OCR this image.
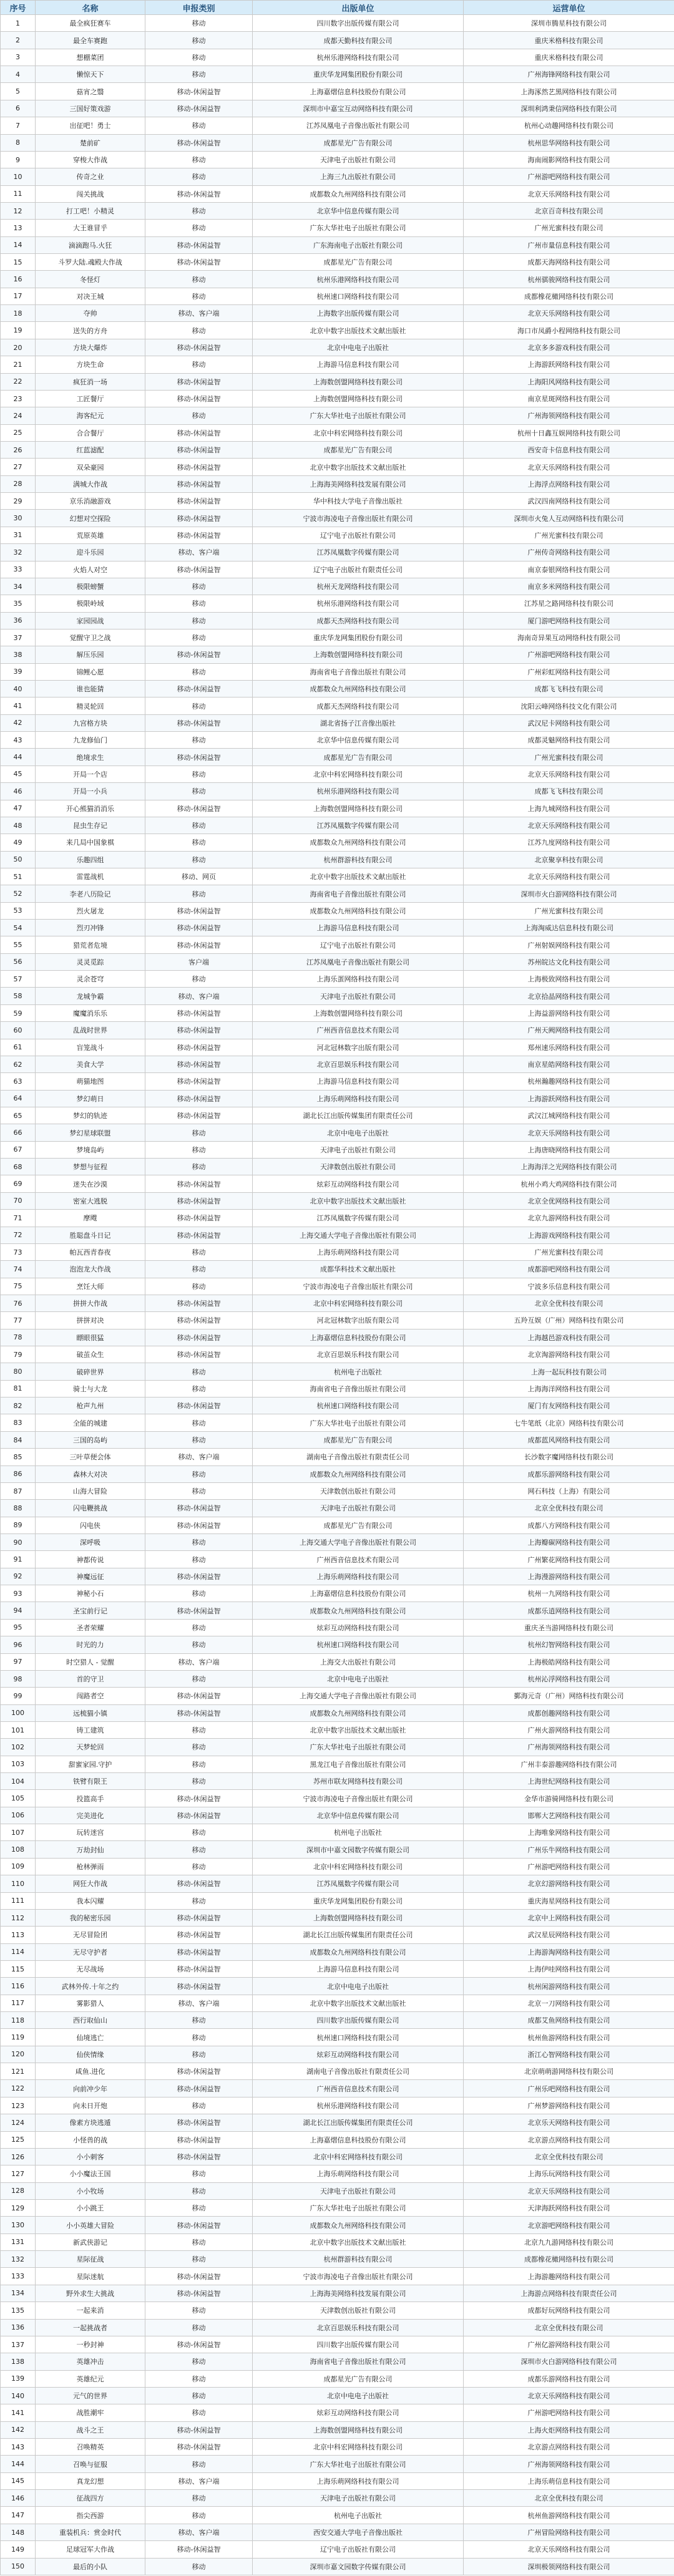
序号	名称	申报类别	出版单位	运营单位
1	最全疯狂赛车	移动	四川数字出版传媒有限公司	深圳市腾星科技有限公司
2	最全车赛跑	移动	成都天勤科技有限公司	重庆米格科技有限公司
3	想棚菜团	移动	杭州乐港网络科技有限公司	重庆米格科技有限公司
4	懒惊天下	移动	重庆华龙网集团股份有限公司	广州海锋网络科技有限公司
5	菇宵之翳	移动-休闲益智	上海嘉熠信息科技股份有限公司	上海涿然艺黑网络科技有限公司
6	三国好策戏游	移动-休闲益智	深圳市中嘉宝互动网络科技有限公司	深圳利鸿秉信网络科技有限公司
7	出征吧！勇士	移动	江苏凤凰电子音像出版社有限公司	杭州心动趣网络科技有限公司
8	楚前矿	移动-休闲益智	成都星光广告有限公司	杭州思华网络科技有限公司
9	穿梭大作战	移动	天津电子出版社有限公司	海南闹影网络科技有限公司
10	传奇之业	移动	上海三九出版社有限公司	广州游吧网络科技有限公司
11	闯关挑战	移动-休闲益智	成都数众九州网络科技有限公司	北京天乐网络科技有限公司
12	打工吧！小精灵	移动	北京华中信息传媒有限公司	北京百奇科技有限公司
13	大王谁冒乎	移动	广东大华社电子出版社有限公司	广州光蜜科技有限公司
14	滴滴跑马.火狂	移动-休闲益智	广东海南电子出版社有限公司	广州市量信息科技有限公司
15	斗罗大陆.魂殿大作战	移动-休闲益智	成都星光广告有限公司	成都天海网络科技有限公司
16	冬怪灯	移动	杭州乐港网络科技有限公司	杭州骐骏网络科技有限公司
17	对决王城	移动	杭州速口网络科技有限公司	成都橡花橄网络科技有限公司
18	夺帅	移动、客户端	上海数字出版传媒有限公司	北京天乐网络科技有限公司
19	送失的方舟	移动	北京中数字出版技术文献出版社	海口市凤爵小程网络科技有限公司
20	方块大爆炸	移动-休闲益智	北京中电电子出版社	北京多多游戏科技有限公司
21	方块生命	移动	上海游马信息科技有限公司	上海游跃网络科技有限公司
22	疯狂消一场	移动-休闲益智	上海数创盟网络科技有限公司	上海阳风网络科技有限公司
23	工匠餐厅	移动-休闲益智	上海数创盟网络科技有限公司	南京星斑网络科技有限公司
24	海客纪元	移动	广东大华社电子出版社有限公司	广州海领网络科技有限公司
25	合合餐厅	移动-休闲益智	北京中科宏网络科技有限公司	杭州十日鑫互娱网络科技有限公司
26	红蓝滤配	移动-休闲益智	成都星光广告有限公司	西安奇卡信息科技有限公司
27	双朵豪园	移动-休闲益智	北京中数字出版技术文献出版社	北京天乐网络科技有限公司
28	满城大作战	移动-休闲益智	上海海美网络科技发展有限公司	上海浮点网络科技有限公司
29	京乐消融游戏	移动-休闲益智	华中科技大学电子音像出版社	武汉四南网络科技有限公司
30	幻想对空探险	移动-休闲益智	宁波市海凌电子音像出版社有限公司	深圳市火兔人互动网络科技有限公司
31	荒原英雄	移动-休闲益智	辽宁电子出版社有限公司	广州光蜜科技有限公司
32	迎斗乐园	移动、客户端	江苏凤凰数字传媒有限公司	广州传奇网络科技有限公司
33	火焰人对空	移动-休闲益智	辽宁电子出版社有限责任公司	南京泰银网络科技有限公司
34	极限螃蟹	移动	杭州天龙网络科技有限公司	南京多米网络科技有限公司
35	极限岭域	移动	杭州乐港网络科技有限公司	江苏星之路网络科技有限公司
36	家园园战	移动	成都天杰网络科技有限公司	厦门游吧网络科技有限公司
37	觉醒守卫之战	移动	重庆华龙网集团股份有限公司	海南奇异果互动网络科技有限公司
38	解压乐园	移动-休闲益智	上海数创盟网络科技有限公司	广州游吧网络科技有限公司
39	锦鲤心愿	移动	海南省电子音像出版社有限公司	广州彩虹网络科技有限公司
40	谁也能猜	移动-休闲益智	成都数众九州网络科技有限公司	成都飞飞科技有限公司
41	精灵轮回	移动	成都天杰网络科技有限公司	沈阳云峰网络科技文化有限公司
42	九宫格方块	移动-休闲益智	湖北省扬子江音像出版社	武汉尼卡网络科技有限公司
43	九龙修仙门	移动	北京华中信息传媒有限公司	成都灵魅网络科技有限公司
44	绝境求生	移动-休闲益智	成都星光广告有限公司	广州光蜜科技有限公司
45	开局一个店	移动	北京中科宏网络科技有限公司	北京天乐网络科技有限公司
46	开局一小兵	移动	杭州乐港网络科技有限公司	成都飞飞科技有限公司
47	开心熊猫消消乐	移动-休闲益智	上海数创盟网络科技有限公司	上海九城网络科技有限公司
48	昆虫生存记	移动	江苏凤凰数字传媒有限公司	北京天乐网络科技有限公司
49	来几局中国象棋	移动	成都数众九州网络科技有限公司	江苏九度网络科技有限公司
50	乐趣四组	移动	杭州群游科技有限公司	北京聚享科技有限公司
51	雷霆战机	移动、网页	北京中数字出版技术文献出版社	北京天乐网络科技有限公司
52	李老八历险记	移动	海南省电子音像出版社有限公司	深圳市火白游网络科技有限公司
53	烈火屠龙	移动-休闲益智	成都数众九州网络科技有限公司	广州光蜜科技有限公司
54	烈刃冲锋	移动-休闲益智	上海游马信息科技有限公司	上海淘威达信息科技有限公司
55	猎荒者危境	移动-休闲益智	辽宁电子出版社有限公司	广州射娱网络科技有限公司
56	灵灵觅踪	客户端	江苏凤凰电子音像出版社有限公司	苏州皖达文化科技有限公司
57	灵余苍穹	移动	上海乐蛋网络科技有限公司	上海极致网络科技有限公司
58	龙城争霸	移动、客户端	天津电子出版社有限公司	北京拾晶网络科技有限公司
59	魔魔消乐乐	移动-休闲益智	上海数创盟网络科技有限公司	上海益游网络科技有限公司
60	乱战时世界	移动-休闲益智	广州西音信息技术有限公司	广州天阙网络科技有限公司
61	盲笼战斗	移动-休闲益智	河北冠林数字出版有限公司	郑州速乐网络科技有限公司
62	美食大学	移动-休闲益智	北京百思娱乐科技有限公司	南京星皓网络科技有限公司
63	萌猫地图	移动-休闲益智	上海游马信息科技有限公司	杭州瀚趣网络科技有限公司
64	梦幻萌日	移动-休闲益智	上海乐萌网络科技有限公司	上海游跃网络科技有限公司
65	梦幻的轨迹	移动-休闲益智	湖北长江出版传媒集团有限责任公司	武汉江城网络科技有限公司
66	梦幻星球联盟	移动	北京中电电子出版社	北京天乐网络科技有限公司
67	梦境岛屿	移动	天津电子出版社有限公司	上海唐晓网络科技有限公司
68	梦想与征程	移动	天津数创出版社有限公司	上海海洋之光网络科技有限公司
69	迷失在沙漠	移动-休闲益智	炫彩互动网络科技有限公司	杭州小鸡大鸡网络科技有限公司
70	密室大逃脱	移动-休闲益智	北京中数字出版技术文献出版社	北京全优网络科技有限公司
71	摩飕	移动-休闲益智	江苏凤凰数字传媒有限公司	北京九游网络科技有限公司
72	胜聪盘斗日记	移动-休闲益智	上海交通大学电子音像出版社有限公司	上海游戏网络科技有限公司
73	帕瓦西青春夜	移动	上海乐萌网络科技有限公司	广州光蜜科技有限公司
74	泡泡龙大作战	移动	成都华科技术文献出版社	成都游吧网络科技有限公司
75	烹饪大师	移动	宁波市海凌电子音像出版社有限公司	宁波多乐信息科技有限公司
76	拼拼大作战	移动-休闲益智	北京中科宏网络科技有限公司	北京全优科技有限公司
77	拼拼对决	移动-休闲益智	河北冠林数字出版有限公司	五羚互娱（广州）网络科技有限公司
78	瞟眼很猛	移动-休闲益智	上海嘉熠信息科技股份有限公司	上海越邑游戏科技有限公司
79	破茧众生	移动-休闲益智	北京百思娱乐科技有限公司	北京淘游网络科技有限公司
80	破碎世界	移动	杭州电子出版社	上海一起玩科技有限公司
81	骑士与大龙	移动	海南省电子音像出版社有限公司	上海海洋网络科技有限公司
82	枪声九州	移动-休闲益智	杭州速口网络科技有限公司	厦门有友网络科技有限公司
83	全能的城建	移动	广东大华社电子出版社有限公司	七牛笔纸（北京）网络科技有限公司
84	三国的岛屿	移动	成都星光广告有限公司	成都蓝风网络科技有限公司
85	三叶草便会体	移动、客户端	湖南电子音像出版社有限责任公司	长沙数字魔网络科技有限公司
86	森林大对决	移动	成都数众九州网络科技有限公司	成都乐游网络科技有限公司
87	山海大冒险	移动	天津数创出版社有限公司	网石科技（上海）有限公司
88	闪电鞭挑战	移动-休闲益智	天津电子出版社有限公司	北京全优科技有限公司
89	闪电侠	移动-休闲益智	成都星光广告有限公司	成都八方网络科技有限公司
90	深呼吸	移动	上海交通大学电子音像出版社有限公司	上海瓣碳网络科技有限公司
91	神都传说	移动	广州西音信息技术有限公司	广州繁花网络科技有限公司
92	神魔远征	移动-休闲益智	上海乐萌网络科技有限公司	上海漫游网络科技有限公司
93	神秘小石	移动	上海嘉熠信息科技股份有限公司	杭州一九网络科技有限公司
94	圣宝前行记	移动-休闲益智	成都数众九州网络科技有限公司	成都乐逍网络科技有限公司
95	圣者荣耀	移动	炫彩互动网络科技有限公司	重庆圣当游网络科技有限公司
96	时光的力	移动	杭州速口网络科技有限公司	杭州幻智网络科技有限公司
97	时空猎人 - 觉醒	移动、客户端	上海交大出版社有限公司	上海极皓网络科技有限公司
98	首的守卫	移动	北京中电电子出版社	杭州沁浮网络科技有限公司
99	闯路者空	移动-休闲益智	上海交通大学电子音像出版社有限公司	鄞海元奇（广州）网络科技有限公司
100	远梳猫小镇	移动-休闲益智	成都数众九州网络科技有限公司	成都创趣网络科技有限公司
101	铸工建筑	移动	北京中数字出版技术文献出版社	广州火游网络科技有限公司
102	天梦轮回	移动	广东大华社电子出版社有限公司	广州海领网络科技有限公司
103	甜蜜家园.守护	移动	黑龙江电子音像出版社有限公司	广州丰泰游趣网络科技有限公司
104	铁臂有限王	移动	苏州市联友网络科技有限公司	上海世纪网络科技有限公司
105	投篮高手	移动-休闲益智	宁波市海凌电子音像出版社有限公司	金华市游骑网络科技有限公司
106	完美进化	移动-休闲益智	北京华中信息传媒有限公司	邯郸大艺网络科技有限公司
107	玩转迷宫	移动	杭州电子出版社	上海唯象网络科技有限公司
108	万劫封仙	移动	深圳市中嘉文园数字传媒有限公司	广州乐牛网络科技有限公司
109	枪林弹雨	移动	北京中科宏网络科技有限公司	广州游吧网络科技有限公司
110	网狂大作战	移动-休闲益智	江苏凤凰数字传媒有限公司	北京幻游网络科技有限公司
111	我本闪耀	移动	重庆华龙网集团股份有限公司	重庆海星网络科技有限公司
112	我的秘密乐园	移动-休闲益智	上海数创盟网络科技有限公司	北京中上网络科技有限公司
113	无尽冒险团	移动-休闲益智	湖北长江出版传媒集团有限责任公司	武汉星辰网络科技有限公司
114	无尽守护者	移动-休闲益智	成都数众九州网络科技有限公司	上海游淘网络科技有限公司
115	无尽战场	移动-休闲益智	上海游马信息科技有限公司	上海伊哇网络科技有限公司
116	武林外传.十年之约	移动-休闲益智	北京中电电子出版社	杭州闲游网络科技有限公司
117	雾影猎人	移动、客户端	北京中数字出版技术文献出版社	北京一刀网络科技有限公司
118	西行取仙山	移动	四川数字出版传媒有限公司	成都艾鱼网络科技有限公司
119	仙境逃亡	移动	杭州速口网络科技有限公司	杭州鱼游网络科技有限公司
120	仙侠情缘	移动	炫彩互动网络科技有限公司	浙江心智网络科技有限公司
121	咸鱼.进化	移动-休闲益智	湖南电子音像出版社有限责任公司	北京萌萌游网络科技有限公司
122	向前冲少年	移动-休闲益智	广州西音信息技术有限公司	广州乐吧网络科技有限公司
123	向未日开炮	移动	杭州乐港网络科技有限公司	广州梦游网络科技有限公司
124	像素方块逃遁	移动-休闲益智	湖北长江出版传媒集团有限责任公司	北京乐天网络科技有限公司
125	小怪兽的战	移动-休闲益智	上海嘉熠信息科技股份有限公司	北京游点网络科技有限公司
126	小小刺客	移动-休闲益智	北京中科宏网络科技有限公司	北京全优科技有限公司
127	小小魔法王国	移动	上海乐萌网络科技有限公司	上海乐玩网络科技有限公司
128	小小牧场	移动	天津电子出版社有限公司	北京天乐网络科技有限公司
129	小小跳王	移动	广东大华社电子出版社有限公司	天津海跃网络科技有限公司
130	小小英雄大冒险	移动-休闲益智	成都数众九州网络科技有限公司	北京游吧网络科技有限公司
131	新武侠游记	移动	北京中数字出版技术文献出版社	北京九九游网络科技有限公司
132	星际征战	移动	杭州群游科技有限公司	成都橡花橄网络科技有限公司
133	星际迷航	移动-休闲益智	宁波市海凌电子音像出版社有限公司	上海游趣网络科技有限公司
134	野外求生大挑战	移动-休闲益智	上海海美网络科技发展有限公司	上海游点网络科技有限责任公司
135	一起来消	移动	天津数创出版社有限公司	成都好玩网络科技有限公司
136	一起挑战者	移动	北京百思娱乐科技有限公司	北京全优科技有限公司
137	一秒封神	移动-休闲益智	四川数字出版传媒有限公司	广州亿游网络科技有限公司
138	英雄冲击	移动	海南省电子音像出版社有限公司	深圳市火白游网络科技有限公司
139	英雄纪元	移动	成都星光广告有限公司	成都乐游网络科技有限公司
140	元气的世界	移动	北京中电电子出版社	北京天乐网络科技有限公司
141	战胜潮牢	移动	炫彩互动网络科技有限公司	广州游吧网络科技有限公司
142	战斗之王	移动-休闲益智	上海数创盟网络科技有限公司	上海火炬网络科技有限公司
143	召唤精英	移动-休闲益智	北京中科宏网络科技有限公司	北京游点网络科技有限公司
144	召唤与征服	移动	广东大华社电子出版社有限公司	广州海领网络科技有限公司
145	真龙幻想	移动、客户端	上海乐萌网络科技有限公司	上海乐萌信息科技有限公司
146	征战四方	移动	天津电子出版社有限公司	北京全优科技有限公司
147	指尖西游	移动	杭州电子出版社	杭州鱼游网络科技有限公司
148	重装机兵：赏金时代	移动、客户端	西安交通大学电子音像出版社	广州冒险网络科技有限公司
149	足球冠军大作战	移动-休闲益智	辽宁电子出版社有限公司	北京天乐网络科技有限公司
150	最后的小队	移动	深圳市嘉文园数字传媒有限公司	深圳极领网络科技有限公司
